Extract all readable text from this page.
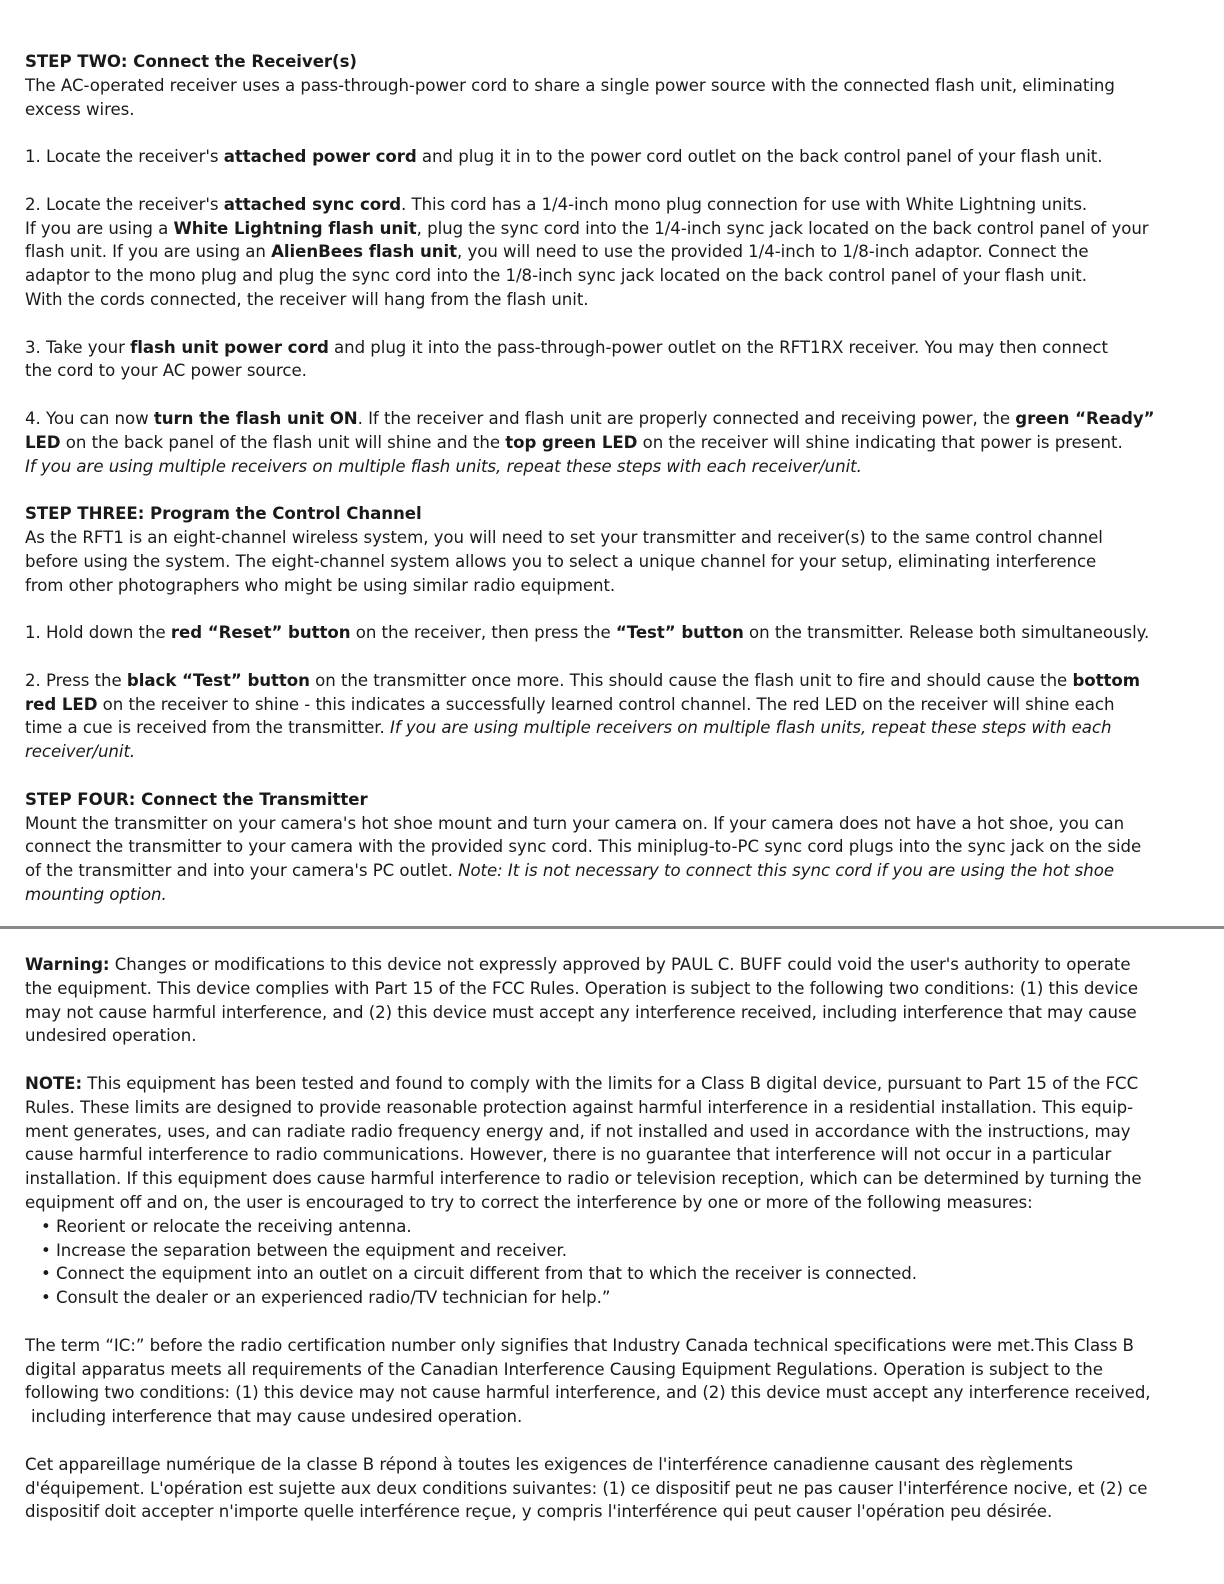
STEP TWO: Connect the Receiver(s)
The AC-operated receiver uses a pass-through-power cord to share a single power source with the connected flash unit, eliminating
excess wires.
1. Locate the receiver's attached power cord and plug it in to the power cord outlet on the back control panel of your flash unit.
2. Locate the receiver's attached sync cord. This cord has a 1/4-inch mono plug connection for use with White Lightning units.
If you are using a White Lightning flash unit, plug the sync cord into the 1/4-inch sync jack located on the back control panel of your
flash unit. If you are using an AlienBees flash unit, you will need to use the provided 1/4-inch to 1/8-inch adaptor. Connect the
adaptor to the mono plug and plug the sync cord into the 1/8-inch sync jack located on the back control panel of your flash unit.
With the cords connected, the receiver will hang from the flash unit.
3. Take your flash unit power cord and plug it into the pass-through-power outlet on the RFT1RX receiver. You may then connect
the cord to your AC power source.
4. You can now turn the flash unit ON. If the receiver and flash unit are properly connected and receiving power, the green “Ready”
LED on the back panel of the flash unit will shine and the top green LED on the receiver will shine indicating that power is present.
If you are using multiple receivers on multiple flash units, repeat these steps with each receiver/unit.
STEP THREE: Program the Control Channel
As the RFT1 is an eight-channel wireless system, you will need to set your transmitter and receiver(s) to the same control channel
before using the system. The eight-channel system allows you to select a unique channel for your setup, eliminating interference
from other photographers who might be using similar radio equipment.
1. Hold down the red “Reset” button on the receiver, then press the “Test” button on the transmitter. Release both simultaneously.
2. Press the black “Test” button on the transmitter once more. This should cause the flash unit to fire and should cause the bottom
red LED on the receiver to shine - this indicates a successfully learned control channel. The red LED on the receiver will shine each
time a cue is received from the transmitter. If you are using multiple receivers on multiple flash units, repeat these steps with each
receiver/unit.
STEP FOUR: Connect the Transmitter
Mount the transmitter on your camera's hot shoe mount and turn your camera on. If your camera does not have a hot shoe, you can
connect the transmitter to your camera with the provided sync cord. This miniplug-to-PC sync cord plugs into the sync jack on the side
of the transmitter and into your camera's PC outlet. Note: It is not necessary to connect this sync cord if you are using the hot shoe
mounting option.
Warning: Changes or modifications to this device not expressly approved by PAUL C. BUFF could void the user's authority to operate
the equipment. This device complies with Part 15 of the FCC Rules. Operation is subject to the following two conditions: (1) this device
may not cause harmful interference, and (2) this device must accept any interference received, including interference that may cause
undesired operation.
NOTE: This equipment has been tested and found to comply with the limits for a Class B digital device, pursuant to Part 15 of the FCC
Rules. These limits are designed to provide reasonable protection against harmful interference in a residential installation. This equip-
ment generates, uses, and can radiate radio frequency energy and, if not installed and used in accordance with the instructions, may
cause harmful interference to radio communications. However, there is no guarantee that interference will not occur in a particular
installation. If this equipment does cause harmful interference to radio or television reception, which can be determined by turning the
equipment off and on, the user is encouraged to try to correct the interference by one or more of the following measures:
• Reorient or relocate the receiving antenna.
• Increase the separation between the equipment and receiver.
• Connect the equipment into an outlet on a circuit different from that to which the receiver is connected.
• Consult the dealer or an experienced radio/TV technician for help.”
The term “IC:” before the radio certification number only signifies that Industry Canada technical specifications were met.This Class B
digital apparatus meets all requirements of the Canadian Interference Causing Equipment Regulations. Operation is subject to the
following two conditions: (1) this device may not cause harmful interference, and (2) this device must accept any interference received,
including interference that may cause undesired operation.
Cet appareillage numérique de la classe B répond à toutes les exigences de l'interférence canadienne causant des règlements
d'équipement. L'opération est sujette aux deux conditions suivantes: (1) ce dispositif peut ne pas causer l'interférence nocive, et (2) ce
dispositif doit accepter n'importe quelle interférence reçue, y compris l'interférence qui peut causer l'opération peu désirée.
